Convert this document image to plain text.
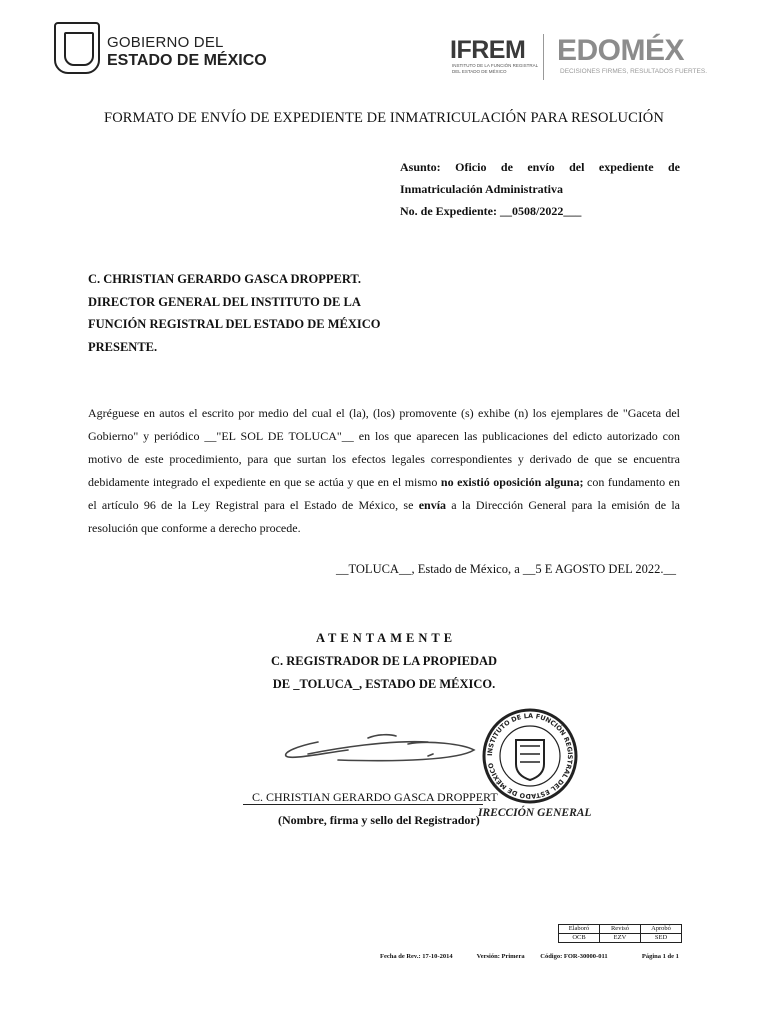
GOBIERNO DEL
ESTADO DE MÉXICO	IFREM
INSTITUTO DE LA FUNCIÓN REGISTRAL
DEL ESTADO DE MÉXICO
EDOMÉX
DECISIONES FIRMES, RESULTADOS FUERTES.
FORMATO DE ENVÍO DE EXPEDIENTE DE INMATRICULACIÓN PARA RESOLUCIÓN
Asunto: Oficio de envío del expediente de
Inmatriculación Administrativa
No. de Expediente: __0508/2022___
C. CHRISTIAN GERARDO GASCA DROPPERT.
DIRECTOR GENERAL DEL INSTITUTO DE LA
FUNCIÓN REGISTRAL DEL ESTADO DE MÉXICO
PRESENTE.
Agréguese en autos el escrito por medio del cual el (la), (los) promovente (s) exhibe (n) los ejemplares de "Gaceta del Gobierno" y periódico __"EL SOL DE TOLUCA"__ en los que aparecen las publicaciones del edicto autorizado con motivo de este procedimiento, para que surtan los efectos legales correspondientes y derivado de que se encuentra debidamente integrado el expediente en que se actúa y que en el mismo no existió oposición alguna; con fundamento en el artículo 96 de la Ley Registral para el Estado de México, se envía a la Dirección General para la emisión de la resolución que conforme a derecho procede.
__TOLUCA__, Estado de México, a __5 E AGOSTO DEL 2022.__
ATENTAMENTE
C. REGISTRADOR DE LA PROPIEDAD
DE _TOLUCA_, ESTADO DE MÉXICO.
INSTITUTO DE LA FUNCIÓN REGISTRAL DEL ESTADO DE MÉXICO
IRECCIÓN GENERAL
C. CHRISTIAN GERARDO GASCA DROPPERT
(Nombre, firma y sello del Registrador)
Elaboró	Revisó	Aprobó
OCB	EZV	SED
Fecha de Rev.: 17-10-2014	Versión: Primera Código: FOR-30000-011	Página 1 de 1
